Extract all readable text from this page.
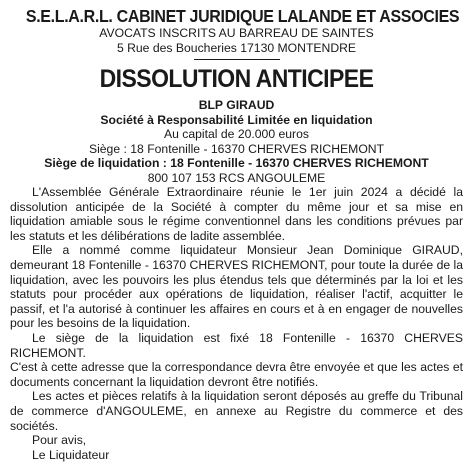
S.E.L.A.R.L. CABINET JURIDIQUE LALANDE ET ASSOCIES
AVOCATS INSCRITS AU BARREAU DE SAINTES
5 Rue des Boucheries 17130 MONTENDRE
DISSOLUTION ANTICIPEE
BLP GIRAUD
Société à Responsabilité Limitée en liquidation
Au capital de 20.000 euros
Siège : 18 Fontenille - 16370 CHERVES RICHEMONT
Siège de liquidation : 18 Fontenille - 16370 CHERVES RICHEMONT
800 107 153 RCS ANGOULEME

L'Assemblée Générale Extraordinaire réunie le 1er juin 2024 a décidé la dissolution anticipée de la Société à compter du même jour et sa mise en liquidation amiable sous le régime conventionnel dans les conditions prévues par les statuts et les délibérations de ladite assemblée.

Elle a nommé comme liquidateur Monsieur Jean Dominique GIRAUD, demeurant 18 Fontenille - 16370 CHERVES RICHEMONT, pour toute la durée de la liquidation, avec les pouvoirs les plus étendus tels que déterminés par la loi et les statuts pour procéder aux opérations de liquidation, réaliser l'actif, acquitter le passif, et l'a autorisé à continuer les affaires en cours et à en engager de nouvelles pour les besoins de la liquidation.

Le siège de la liquidation est fixé 18 Fontenille - 16370 CHERVES RICHEMONT.

C'est à cette adresse que la correspondance devra être envoyée et que les actes et documents concernant la liquidation devront être notifiés.

Les actes et pièces relatifs à la liquidation seront déposés au greffe du Tribunal de commerce d'ANGOULEME, en annexe au Registre du commerce et des sociétés.

Pour avis,
Le Liquidateur
